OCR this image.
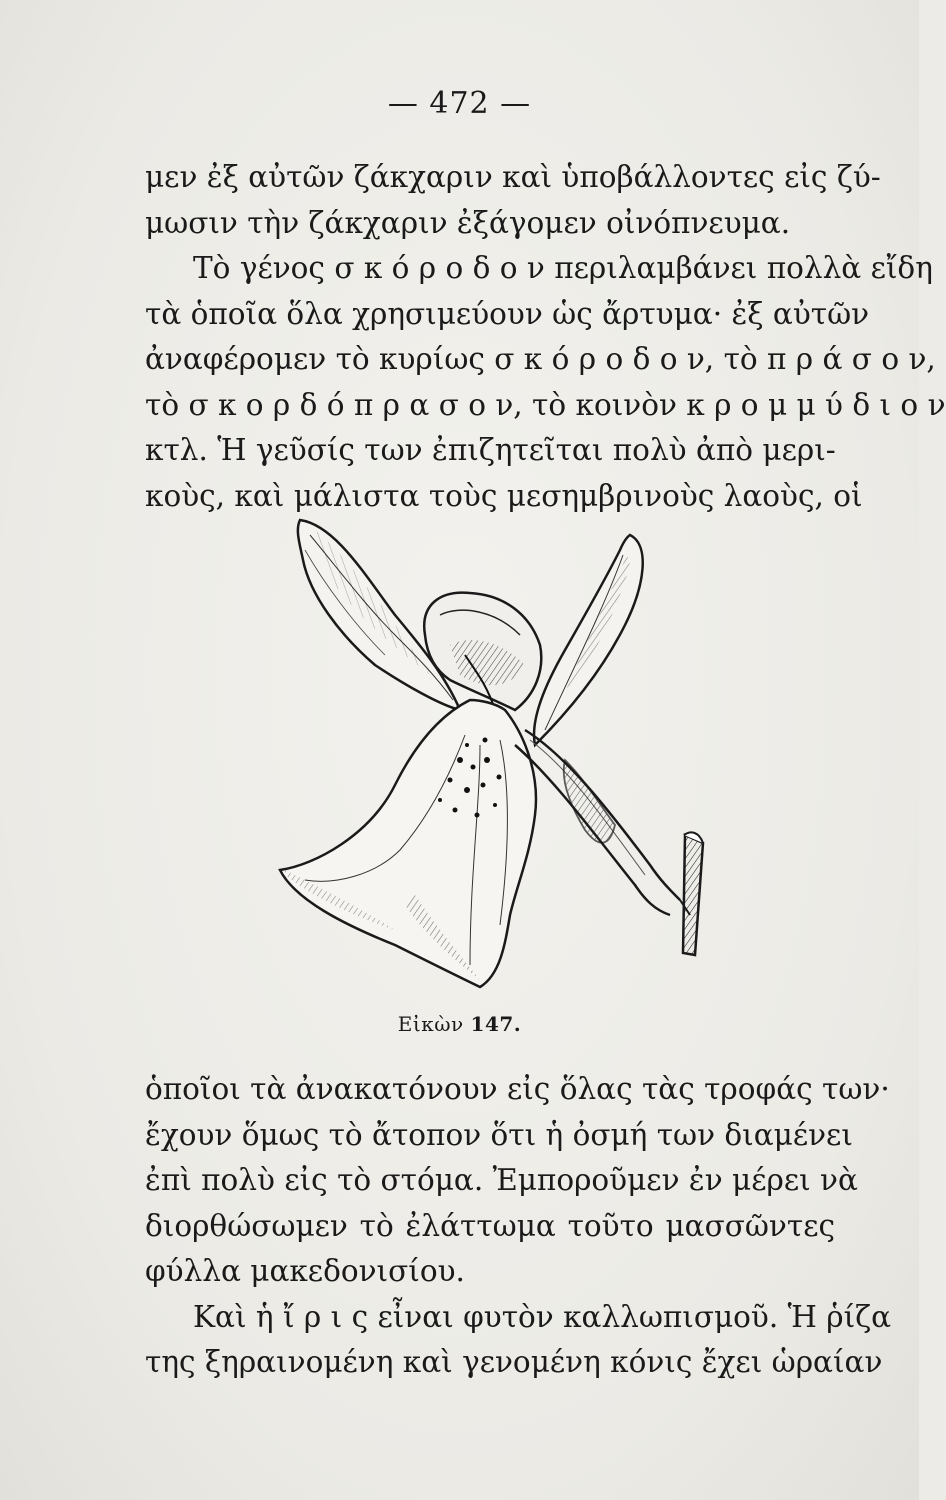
— 472 —
μεν ἐξ αὐτῶν ζάκχαριν καὶ ὑποβάλλοντες εἰς ζύ-
μωσιν τὴν ζάκχαριν ἐξάγομεν οἰνόπνευμα.
Τὸ γένος σ κ ό ρ ο δ ο ν περιλαμβάνει πολλὰ εἴδη
τὰ ὁποῖα ὅλα χρησιμεύουν ὡς ἄρτυμα· ἐξ αὐτῶν
ἀναφέρομεν τὸ κυρίως σ κ ό ρ ο δ ο ν, τὸ π ρ ά σ ο ν,
τὸ σ κ ο ρ δ ό π ρ α σ ο ν, τὸ κοινὸν κ ρ ο μ μ ύ δ ι ο ν
κτλ. Ἡ γεῦσίς των ἐπιζητεῖται πολὺ ἀπὸ μερι-
κοὺς, καὶ μάλιστα τοὺς μεσημβρινοὺς λαοὺς, οἱ
Εἰκὼν 147.
ὁποῖοι τὰ ἀνακατόνουν εἰς ὅλας τὰς τροφάς των·
ἔχουν ὅμως τὸ ἄτοπον ὅτι ἡ ὀσμή των διαμένει
ἐπὶ πολὺ εἰς τὸ στόμα. Ἐμποροῦμεν ἐν μέρει νὰ
διορθώσωμεν τὸ ἐλάττωμα τοῦτο μασσῶντες
φύλλα μακεδονισίου.
Καὶ ἡ ἴ ρ ι ς εἶναι φυτὸν καλλωπισμοῦ. Ἡ ῥίζα
της ξηραινομένη καὶ γενομένη κόνις ἔχει ὡραίαν
